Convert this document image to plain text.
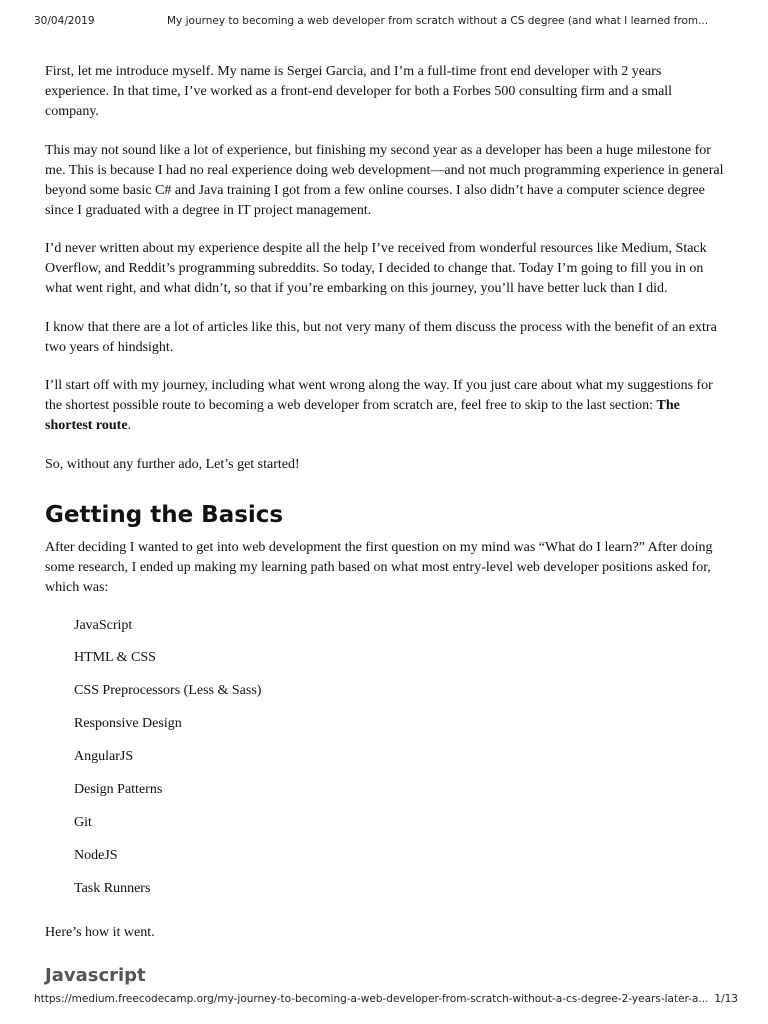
30/04/2019	My journey to becoming a web developer from scratch without a CS degree (and what I learned from...

First, let me introduce myself. My name is Sergei Garcia, and I’m a full-time front end developer with 2 years experience. In that time, I’ve worked as a front-end developer for both a Forbes 500 consulting firm and a small company.

This may not sound like a lot of experience, but finishing my second year as a developer has been a huge milestone for me. This is because I had no real experience doing web development—and not much programming experience in general beyond some basic C# and Java training I got from a few online courses. I also didn’t have a computer science degree since I graduated with a degree in IT project management.

I’d never written about my experience despite all the help I’ve received from wonderful resources like Medium, Stack Overflow, and Reddit’s programming subreddits. So today, I decided to change that. Today I’m going to fill you in on what went right, and what didn’t, so that if you’re embarking on this journey, you’ll have better luck than I did.

I know that there are a lot of articles like this, but not very many of them discuss the process with the benefit of an extra two years of hindsight.

I’ll start off with my journey, including what went wrong along the way. If you just care about what my suggestions for the shortest possible route to becoming a web developer from scratch are, feel free to skip to the last section: The shortest route.

So, without any further ado, Let’s get started!

Getting the Basics

After deciding I wanted to get into web development the first question on my mind was “What do I learn?” After doing some research, I ended up making my learning path based on what most entry-level web developer positions asked for, which was:

JavaScript
HTML & CSS
CSS Preprocessors (Less & Sass)
Responsive Design
AngularJS
Design Patterns
Git
NodeJS
Task Runners

Here’s how it went.

Javascript
https://medium.freecodecamp.org/my-journey-to-becoming-a-web-developer-from-scratch-without-a-cs-degree-2-years-later-a... 1/13
